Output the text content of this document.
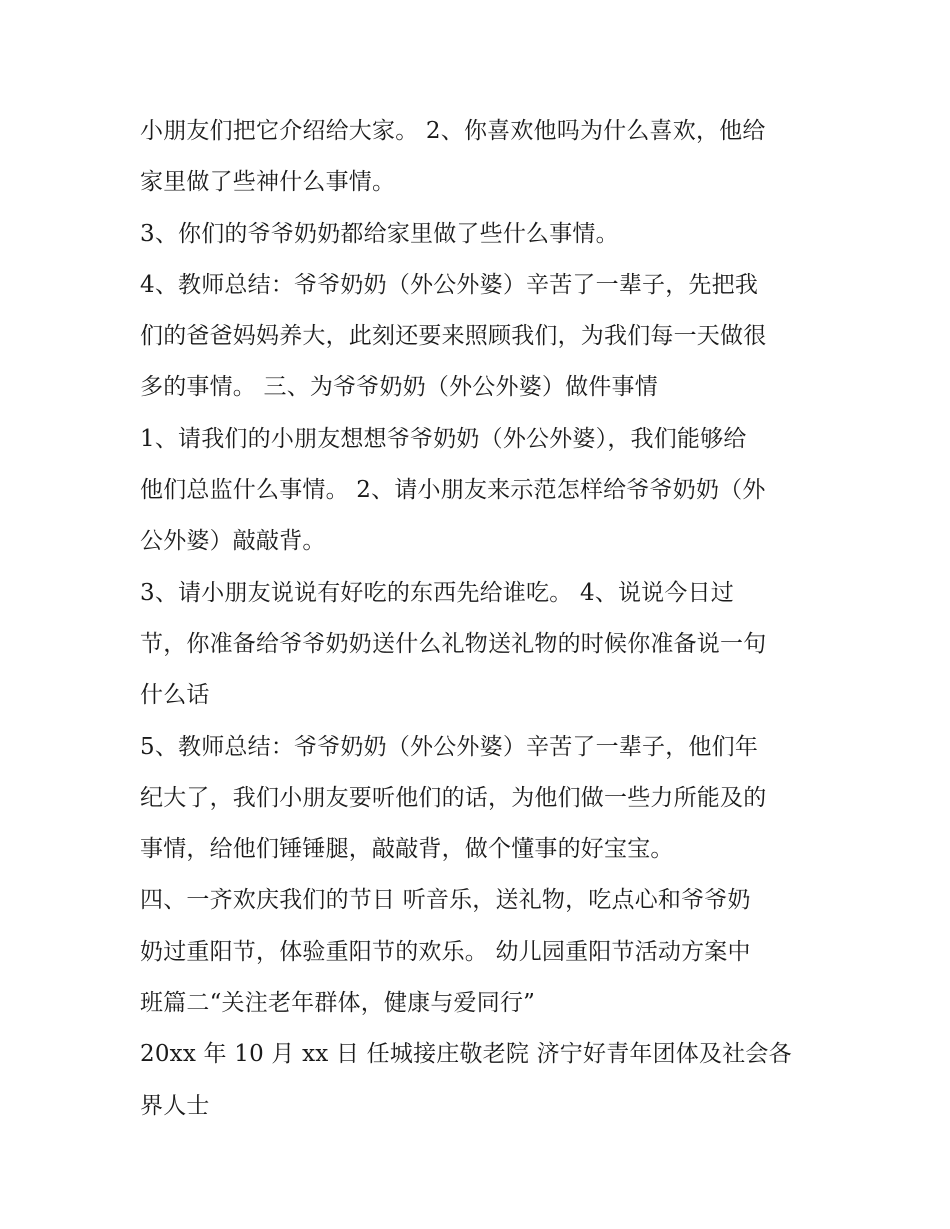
小朋友们把它介绍给大家。 2、你喜欢他吗为什么喜欢，他给
家里做了些神什么事情。
3、你们的爷爷奶奶都给家里做了些什么事情。
4、教师总结：爷爷奶奶（外公外婆）辛苦了一辈子，先把我
们的爸爸妈妈养大，此刻还要来照顾我们，为我们每一天做很
多的事情。 三、为爷爷奶奶（外公外婆）做件事情
1、请我们的小朋友想想爷爷奶奶（外公外婆），我们能够给
他们总监什么事情。 2、请小朋友来示范怎样给爷爷奶奶（外
公外婆）敲敲背。
3、请小朋友说说有好吃的东西先给谁吃。 4、说说今日过
节，你准备给爷爷奶奶送什么礼物送礼物的时候你准备说一句
什么话
5、教师总结：爷爷奶奶（外公外婆）辛苦了一辈子，他们年
纪大了，我们小朋友要听他们的话，为他们做一些力所能及的
事情，给他们锤锤腿，敲敲背，做个懂事的好宝宝。
四、一齐欢庆我们的节日 听音乐，送礼物，吃点心和爷爷奶
奶过重阳节，体验重阳节的欢乐。 幼儿园重阳节活动方案中
班篇二“关注老年群体，健康与爱同行”
20xx 年 10 月 xx 日 任城接庄敬老院 济宁好青年团体及社会各
界人士
